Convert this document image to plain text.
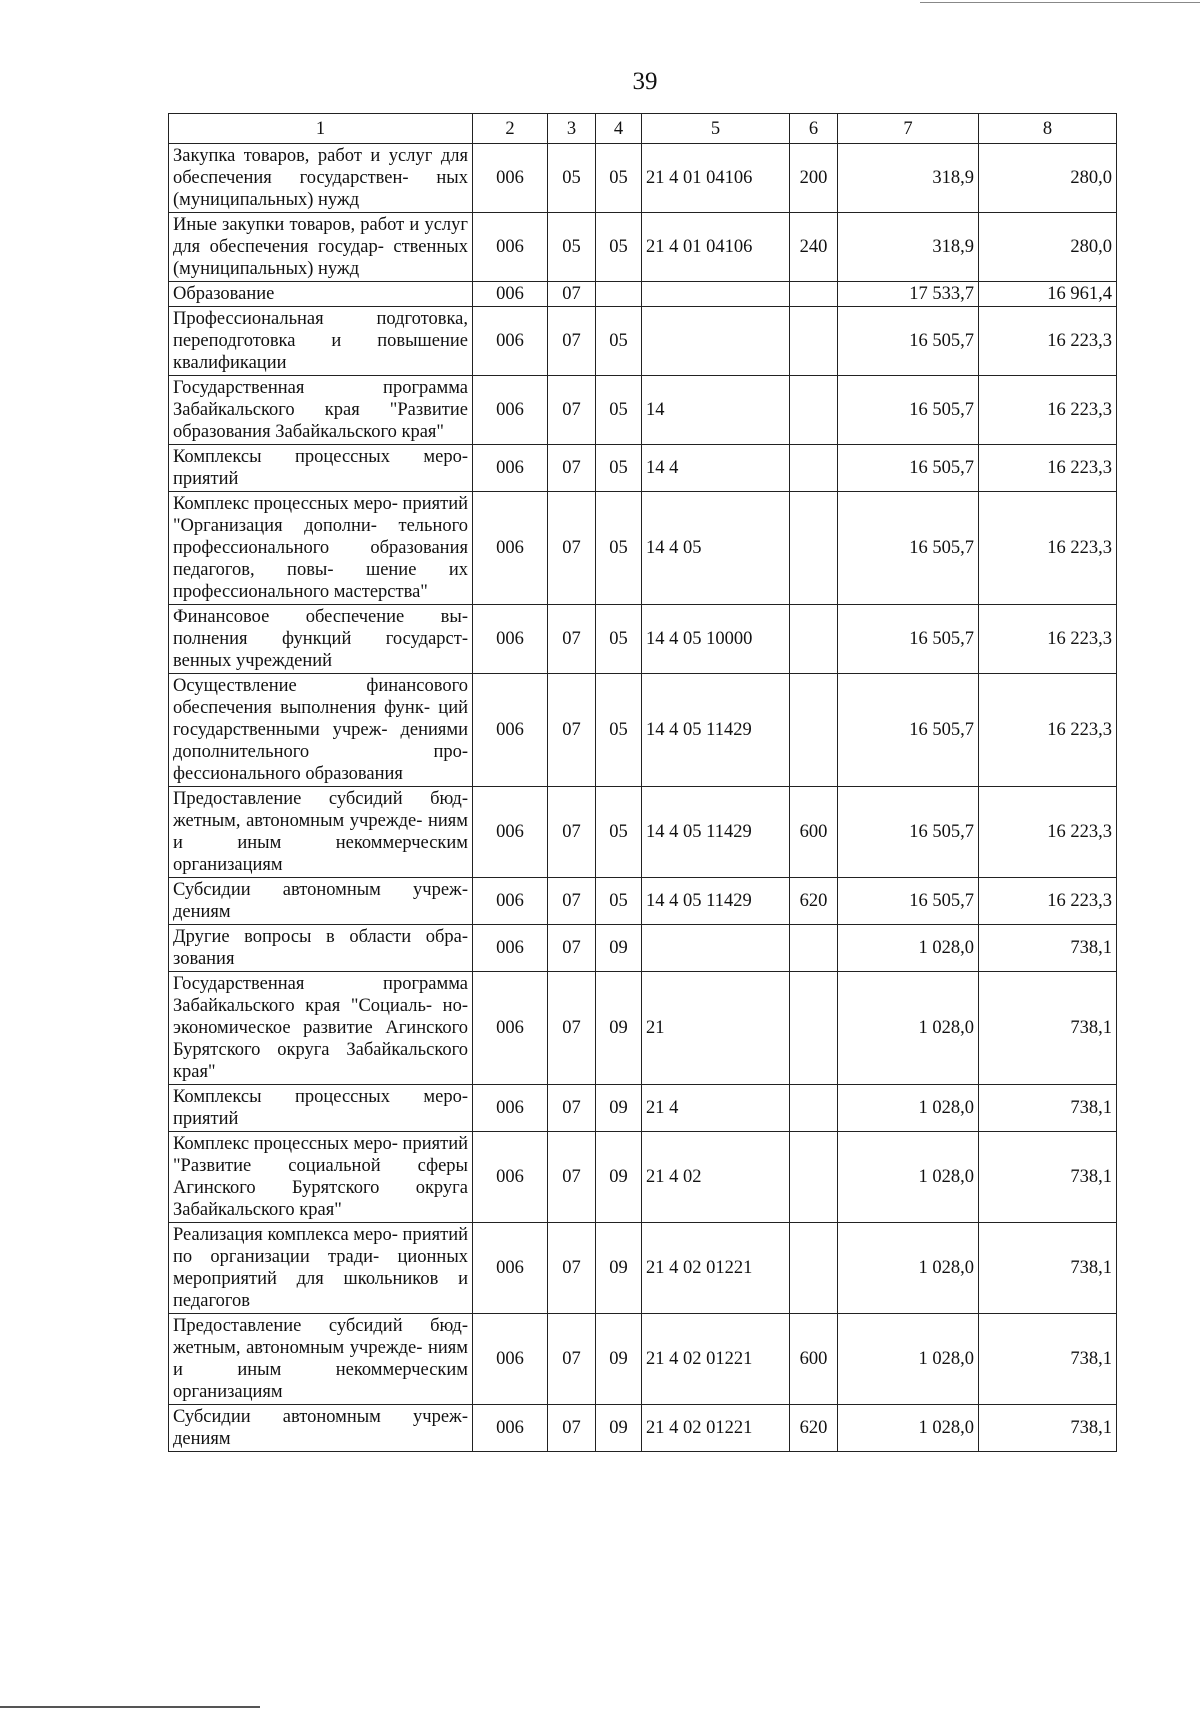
39
1	2	3	4	5	6	7	8
Закупка товаров, работ и услуг для обеспечения государствен- ных (муниципальных) нужд	006	05	05	21 4 01 04106	200	318,9	280,0
Иные закупки товаров, работ и услуг для обеспечения государ- ственных (муниципальных) нужд	006	05	05	21 4 01 04106	240	318,9	280,0
Образование	006	07				17 533,7	16 961,4
Профессиональная подготовка, переподготовка и повышение квалификации	006	07	05			16 505,7	16 223,3
Государственная программа Забайкальского края "Развитие образования Забайкальского края"	006	07	05	14		16 505,7	16 223,3
Комплексы процессных меро- приятий	006	07	05	14 4		16 505,7	16 223,3
Комплекс процессных меро- приятий "Организация дополни- тельного профессионального образования педагогов, повы- шение их профессионального мастерства"	006	07	05	14 4 05		16 505,7	16 223,3
Финансовое обеспечение вы- полнения функций государст- венных учреждений	006	07	05	14 4 05 10000		16 505,7	16 223,3
Осуществление финансового обеспечения выполнения функ- ций государственными учреж- дениями дополнительного про- фессионального образования	006	07	05	14 4 05 11429		16 505,7	16 223,3
Предоставление субсидий бюд- жетным, автономным учрежде- ниям и иным некоммерческим организациям	006	07	05	14 4 05 11429	600	16 505,7	16 223,3
Субсидии автономным учреж- дениям	006	07	05	14 4 05 11429	620	16 505,7	16 223,3
Другие вопросы в области обра- зования	006	07	09			1 028,0	738,1
Государственная программа Забайкальского края "Социаль- но-экономическое развитие Агинского Бурятского округа Забайкальского края"	006	07	09	21		1 028,0	738,1
Комплексы процессных меро- приятий	006	07	09	21 4		1 028,0	738,1
Комплекс процессных меро- приятий "Развитие социальной сферы Агинского Бурятского округа Забайкальского края"	006	07	09	21 4 02		1 028,0	738,1
Реализация комплекса меро- приятий по организации тради- ционных мероприятий для школьников и педагогов	006	07	09	21 4 02 01221		1 028,0	738,1
Предоставление субсидий бюд- жетным, автономным учрежде- ниям и иным некоммерческим организациям	006	07	09	21 4 02 01221	600	1 028,0	738,1
Субсидии автономным учреж- дениям	006	07	09	21 4 02 01221	620	1 028,0	738,1
